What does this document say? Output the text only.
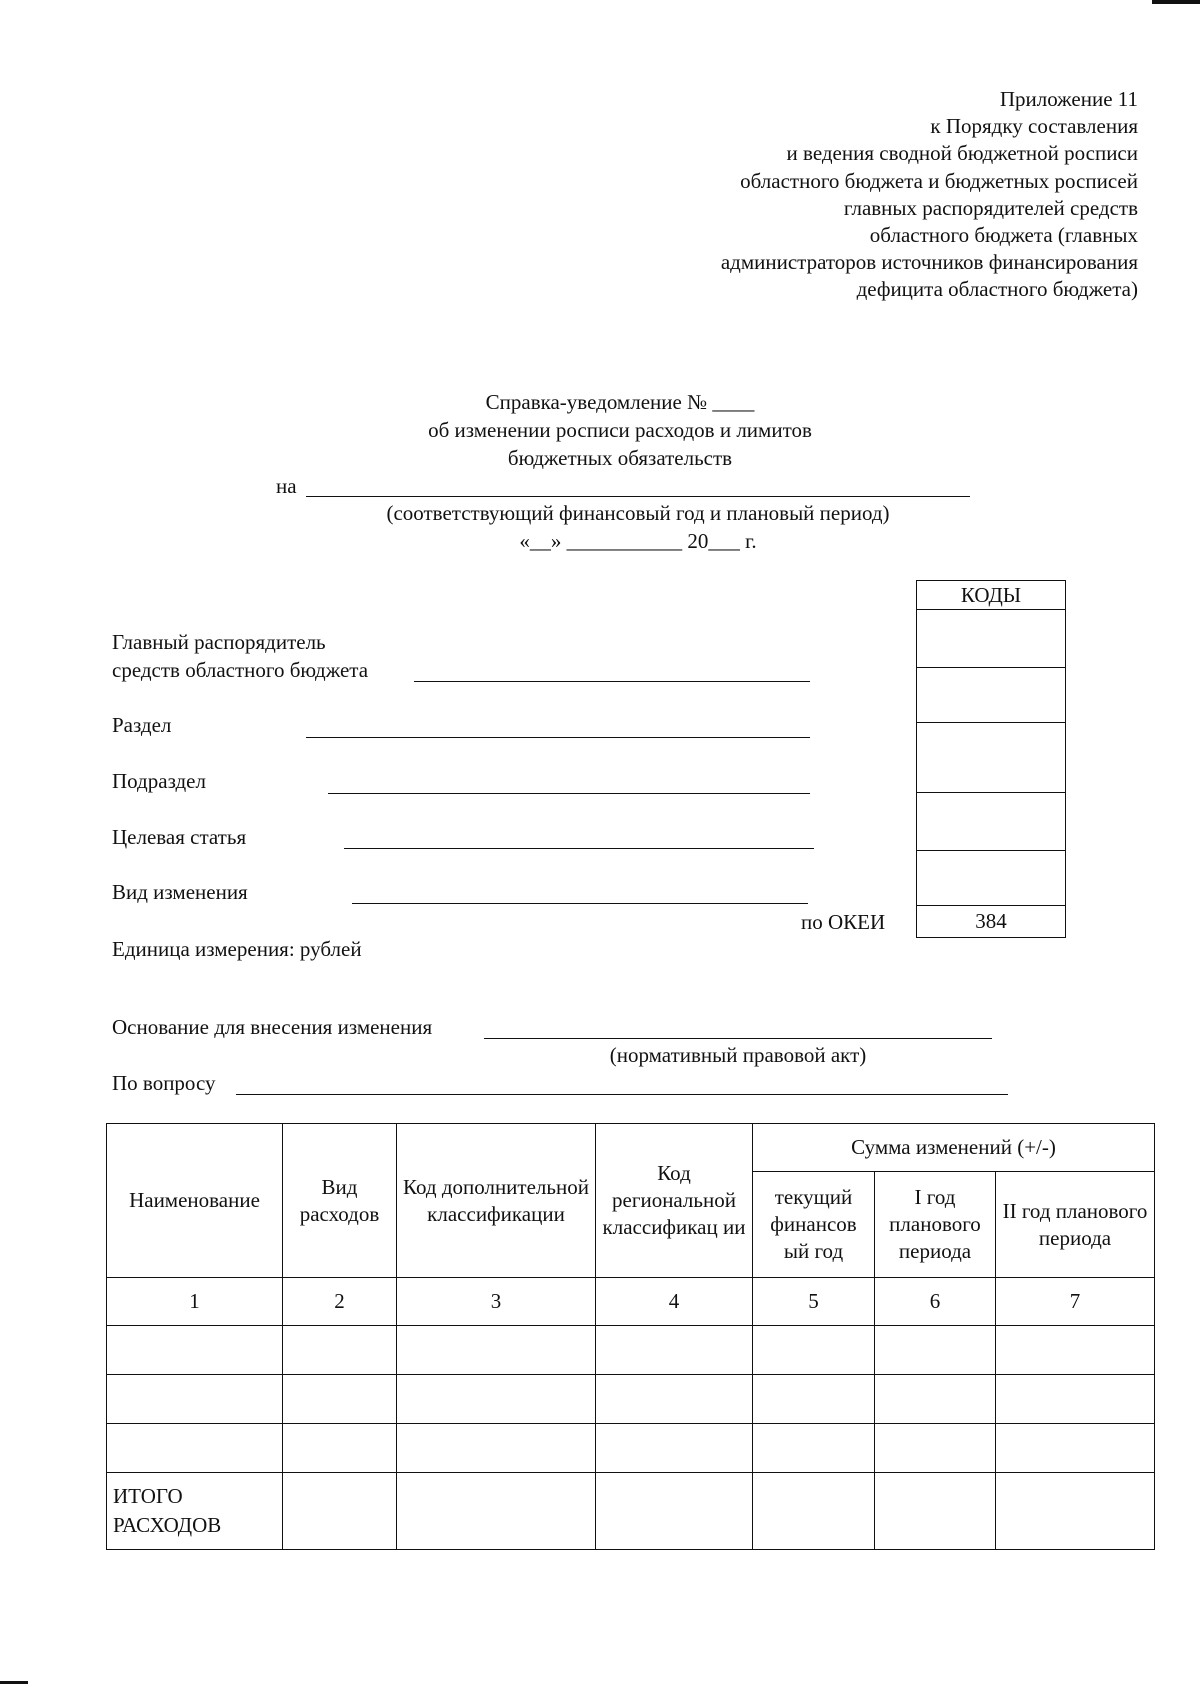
Приложение 11
к Порядку составления
и ведения сводной бюджетной росписи
областного бюджета и бюджетных росписей
главных распорядителей средств
областного бюджета (главных
администраторов источников финансирования
дефицита областного бюджета)
Справка-уведомление № ____
об изменении росписи расходов и лимитов
бюджетных обязательств
на
(соответствующий финансовый год и плановый период)
«__» ___________ 20___ г.
КОДЫ
384
Главный распорядитель
средств областного бюджета
Раздел
Подраздел
Целевая статья
Вид изменения
по ОКЕИ
Единица измерения: рублей
Основание для внесения изменения
(нормативный правовой акт)
По вопросу
Наименование	Вид расходов	Код дополнительной классификации	Код региональной классификац ии	Сумма изменений (+/-)		
				текущий финансов ый год	I год планового периода	II год планового периода
1	2	3	4	5	6	7

ИТОГО РАСХОДОВ						
